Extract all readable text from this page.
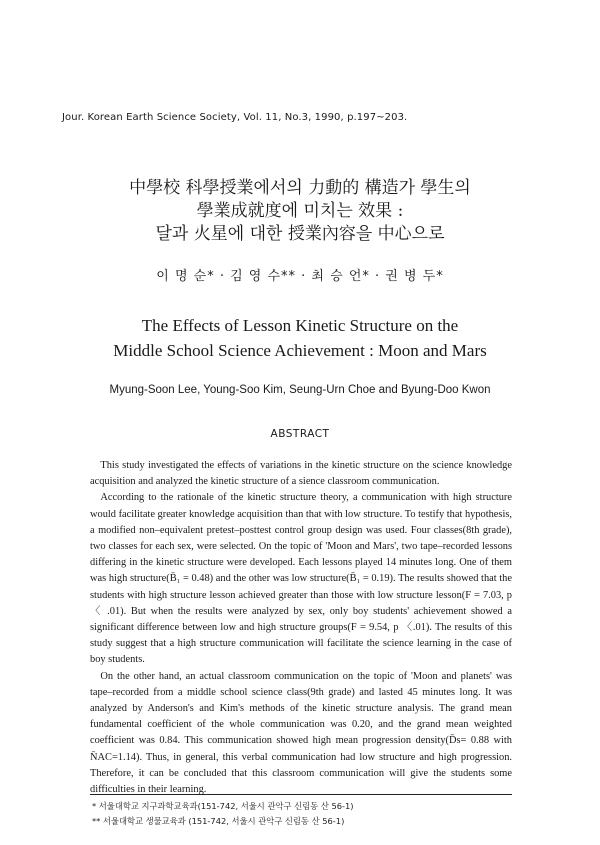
Jour. Korean Earth Science Society, Vol. 11, No.3, 1990, p.197~203.
中學校 科學授業에서의 力動的 構造가 學生의
學業成就度에 미치는 效果 :
달과 火星에 대한 授業內容을 中心으로
이 명 순* · 김 영 수** · 최 승 언* · 권 병 두*
The Effects of Lesson Kinetic Structure on the
Middle School Science Achievement : Moon and Mars
Myung-Soon Lee, Young-Soo Kim, Seung-Urn Choe and Byung-Doo Kwon
ABSTRACT

 This study investigated the effects of variations in the kinetic structure on the science knowledge acquisition and analyzed the kinetic structure of a sience classroom communication.

 According to the rationale of the kinetic structure theory, a communication with high structure would facilitate greater knowledge acquisition than that with low structure. To testify that hypothesis, a modified non–equivalent pretest–posttest control group design was used. Four classes(8th grade), two classes for each sex, were selected. On the topic of 'Moon and Mars', two tape–recorded lessons differing in the kinetic structure were developed. Each lessons played 14 minutes long. One of them was high structure(B̄₁ = 0.48) and the other was low structure(B̄₁ = 0.19). The results showed that the students with high structure lesson achieved greater than those with low structure lesson(F = 7.03, p 〈 .01). But when the results were analyzed by sex, only boy students' achievement showed a significant difference between low and high structure groups(F = 9.54, p 〈.01). The results of this study suggest that a high structure communication will facilitate the science learning in the case of boy students.

 On the other hand, an actual classroom communication on the topic of 'Moon and planets' was tape–recorded from a middle school science class(9th grade) and lasted 45 minutes long. It was analyzed by Anderson's and Kim's methods of the kinetic structure analysis. The grand mean fundamental coefficient of the whole communication was 0.20, and the grand mean weighted coefficient was 0.84. This communication showed high mean progression density(D̄s= 0.88 with N̄AC=1.14). Thus, in general, this verbal communication had low structure and high progression. Therefore, it can be concluded that this classroom communication will give the students some difficulties in their learning.

* 서울대학교 지구과학교육과(151-742, 서울시 관악구 신림동 산 56-1)
** 서울대학교 생물교육과 (151-742, 서울시 관악구 신림동 산 56-1)
